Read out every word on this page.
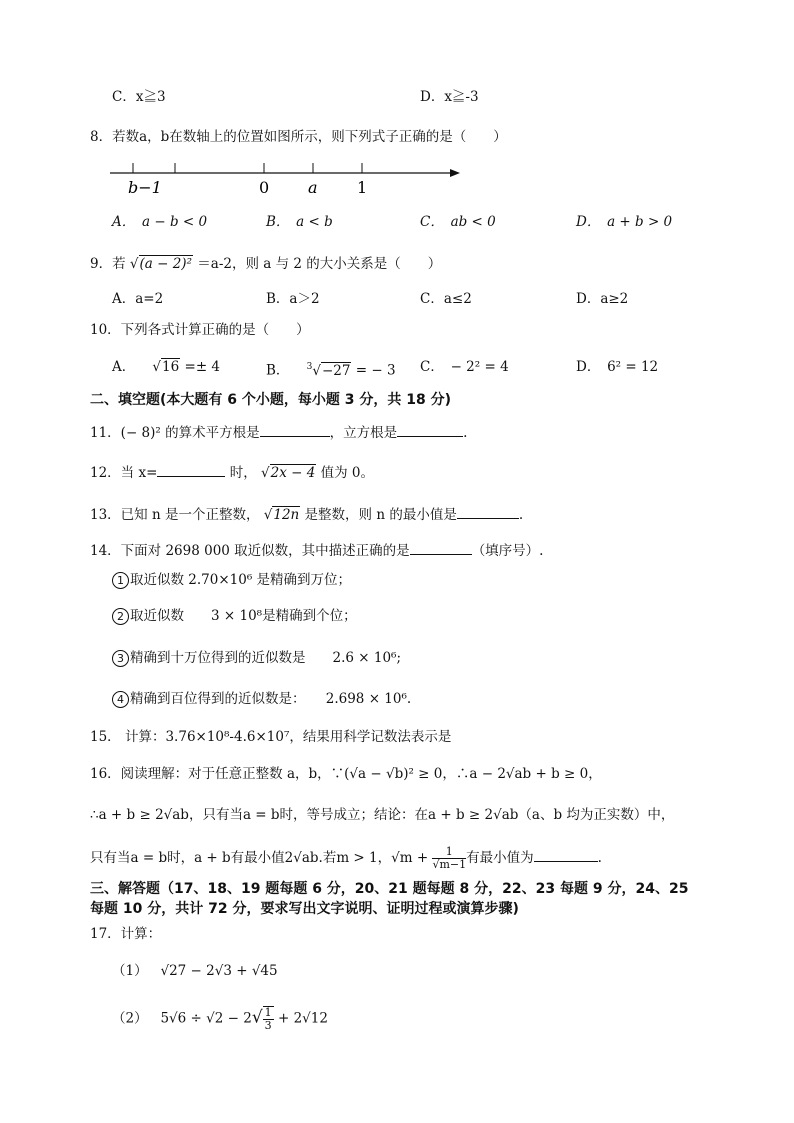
C．x≧3	D．x≧-3
8．若数a，b在数轴上的位置如图所示，则下列式子正确的是（　　）
b−1	0 a 1
A．　a − b < 0	B．　a < b	C．　ab < 0	D．　a + b > 0
9．若 √(a − 2)² ＝a-2，则 a 与 2 的大小关系是（　　）
A．a=2	B．a＞2	C．a≤2	D．a≥2
10．下列各式计算正确的是（　　）
A． √16 =± 4	B． $^3$√−27 = − 3 C．　− 2² = 4	D．　6² = 12
二、填空题(本大题有 6 个小题，每小题 3 分，共 18 分)
11．(− 8)² 的算术平方根是	，立方根是	.
12．当 x=	时， √2x − 4 值为 0。
13．已知 n 是一个正整数， √12n 是整数，则 n 的最小值是	.
14．下面对 2698 000 取近似数，其中描述正确的是	（填序号）.
1 取近似数 2.70×10⁶ 是精确到万位；
2 取近似数　　3 × 10⁸是精确到个位；
3 精确到十万位得到的近似数是　　2.6 × 10⁶;
4 精确到百位得到的近似数是：　　2.698 × 10⁶.
15． 计算：3.76×10⁸-4.6×10⁷，结果用科学记数法表示是
16．阅读理解：对于任意正整数 a，b，∵(√a − √b)² ≥ 0，∴a − 2√ab + b ≥ 0，
∴a + b ≥ 2√ab，只有当a = b时，等号成立；结论：在a + b ≥ 2√ab（a、b 均为正实数）中，
只有当a = b时，a + b有最小值2√ab.若m > 1，$√m + \frac{1}{√m-1}$ 有最小值为	.
三、解答题（17、18、19 题每题 6 分，20、21 题每题 8 分，22、23 每题 9 分，24、25
每题 10 分，共计 72 分，要求写出文字说明、证明过程或演算步骤)
17．计算：
（1） √27 − 2√3 + √45
（2） $5√6 \div √2 - 2√ \frac{1}{3} + 2√12$
